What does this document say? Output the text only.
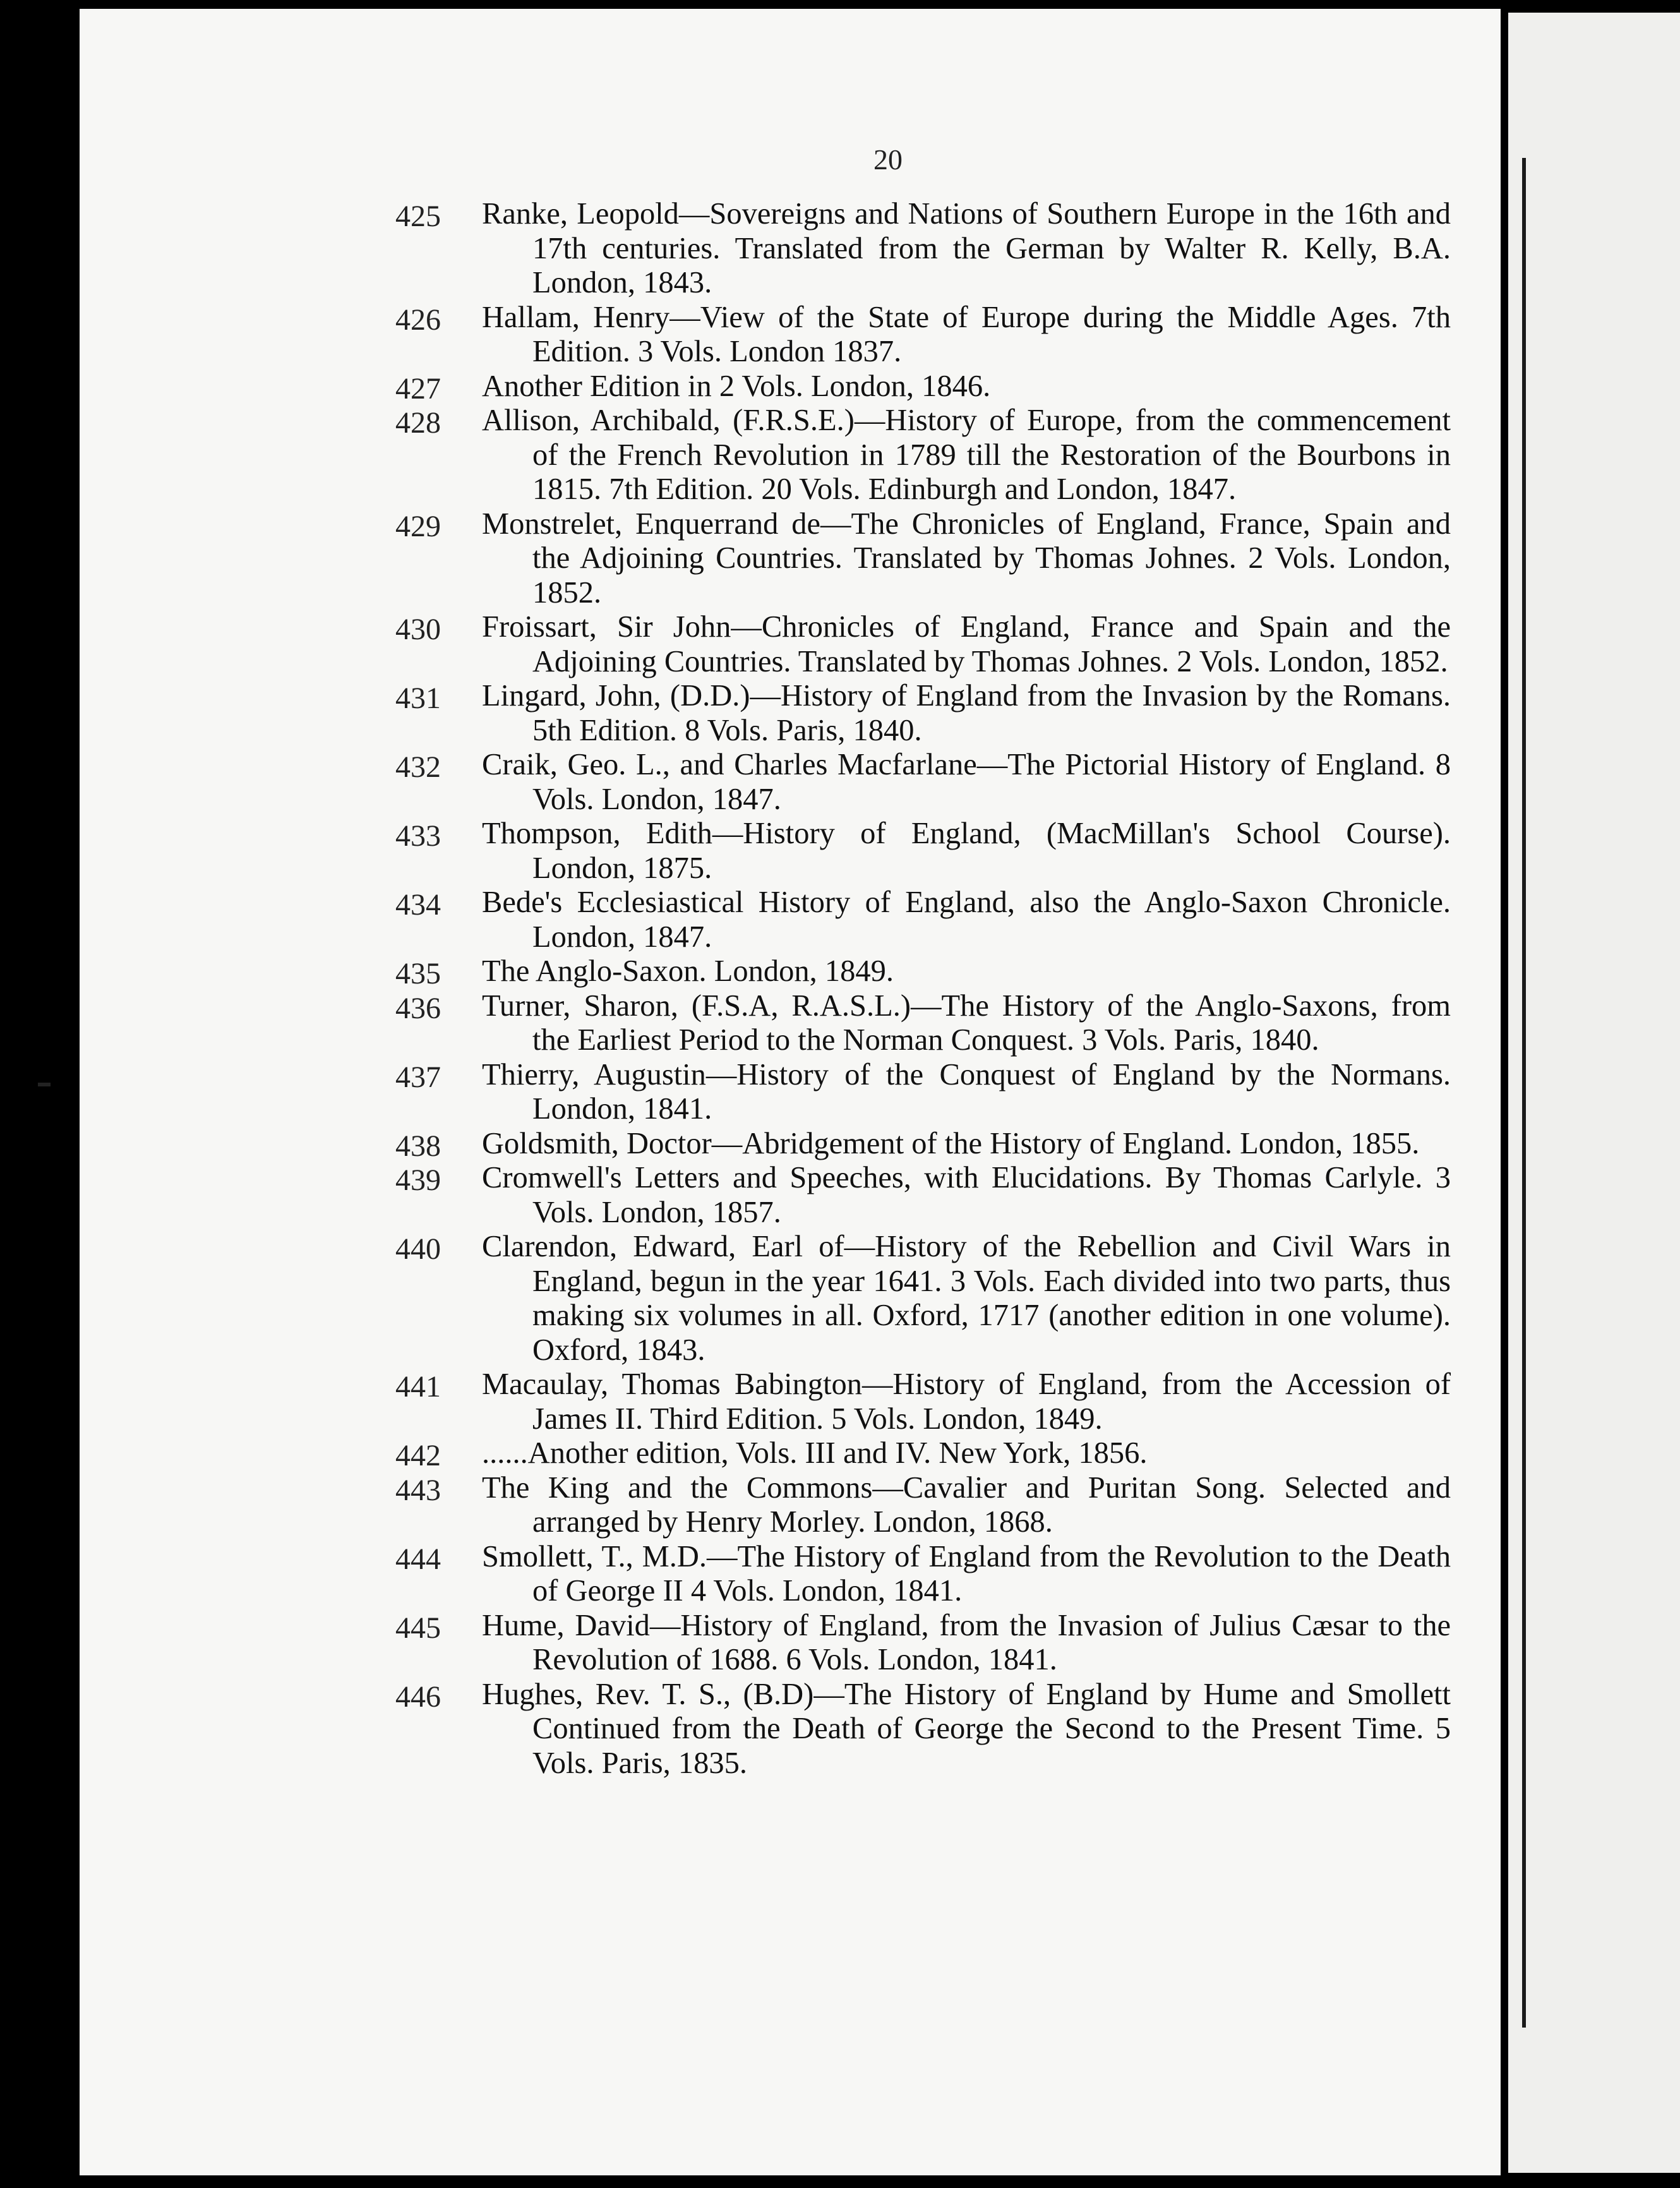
20
425	Ranke, Leopold—Sovereigns and Nations of Southern Europe in the 16th and 17th centuries. Translated from the German by Walter R. Kelly, B.A. London, 1843.
426	Hallam, Henry—View of the State of Europe during the Middle Ages. 7th Edition. 3 Vols. London 1837.
427	Another Edition in 2 Vols. London, 1846.
428	Allison, Archibald, (F.R.S.E.)—History of Europe, from the commencement of the French Revolution in 1789 till the Restoration of the Bourbons in 1815. 7th Edition. 20 Vols. Edinburgh and London, 1847.
429	Monstrelet, Enquerrand de—The Chronicles of England, France, Spain and the Adjoining Countries. Translated by Thomas Johnes. 2 Vols. London, 1852.
430	Froissart, Sir John—Chronicles of England, France and Spain and the Adjoining Countries. Translated by Thomas Johnes. 2 Vols. London, 1852.
431	Lingard, John, (D.D.)—History of England from the Invasion by the Romans. 5th Edition. 8 Vols. Paris, 1840.
432	Craik, Geo. L., and Charles Macfarlane—The Pictorial History of England. 8 Vols. London, 1847.
433	Thompson, Edith—History of England, (MacMillan's School Course). London, 1875.
434	Bede's Ecclesiastical History of England, also the Anglo-Saxon Chronicle. London, 1847.
435	The Anglo-Saxon. London, 1849.
436	Turner, Sharon, (F.S.A, R.A.S.L.)—The History of the Anglo-Saxons, from the Earliest Period to the Norman Conquest. 3 Vols. Paris, 1840.
437	Thierry, Augustin—History of the Conquest of England by the Normans. London, 1841.
438	Goldsmith, Doctor—Abridgement of the History of England. London, 1855.
439	Cromwell's Letters and Speeches, with Elucidations. By Thomas Carlyle. 3 Vols. London, 1857.
440	Clarendon, Edward, Earl of—History of the Rebellion and Civil Wars in England, begun in the year 1641. 3 Vols. Each divided into two parts, thus making six volumes in all. Oxford, 1717 (another edition in one volume). Oxford, 1843.
441	Macaulay, Thomas Babington—History of England, from the Accession of James II. Third Edition. 5 Vols. London, 1849.
442	......Another edition, Vols. III and IV. New York, 1856.
443	The King and the Commons—Cavalier and Puritan Song. Selected and arranged by Henry Morley. London, 1868.
444	Smollett, T., M.D.—The History of England from the Revolution to the Death of George II 4 Vols. London, 1841.
445	Hume, David—History of England, from the Invasion of Julius Cæsar to the Revolution of 1688. 6 Vols. London, 1841.
446	Hughes, Rev. T. S., (B.D)—The History of England by Hume and Smollett Continued from the Death of George the Second to the Present Time. 5 Vols. Paris, 1835.
